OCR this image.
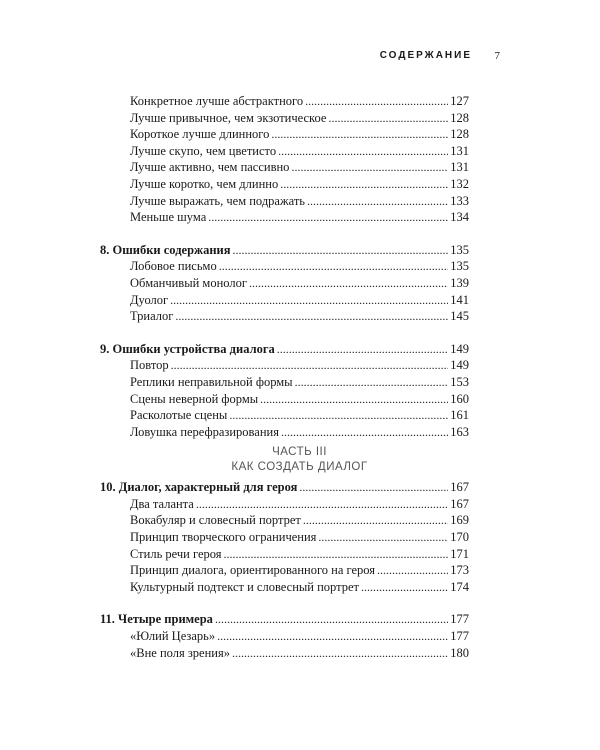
СОДЕРЖАНИЕ 7
Конкретное лучше абстрактного . . .	127
Лучше привычное, чем экзотическое . . .	128
Короткое лучше длинного . . .	128
Лучше скупо, чем цветисто . . .	131
Лучше активно, чем пассивно . . .	131
Лучше коротко, чем длинно . . .	132
Лучше выражать, чем подражать . . .	133
Меньше шума . . .	134
8. Ошибки содержания . . .	135
Лобовое письмо . . .	135
Обманчивый монолог . . .	139
Дуолог . . .	141
Триалог . . .	145
9. Ошибки устройства диалога . . .	149
Повтор . . .	149
Реплики неправильной формы . . .	153
Сцены неверной формы . . .	160
Расколотые сцены . . .	161
Ловушка перефразирования . . .	163
ЧАСТЬ III
КАК СОЗДАТЬ ДИАЛОГ
10. Диалог, характерный для героя . . .	167
Два таланта . . .	167
Вокабуляр и словесный портрет . . .	169
Принцип творческого ограничения . . .	170
Стиль речи героя . . .	171
Принцип диалога, ориентированного на героя . . .	173
Культурный подтекст и словесный портрет . . .	174
11. Четыре примера . . .	177
«Юлий Цезарь» . . .	177
«Вне поля зрения» . . .	180
